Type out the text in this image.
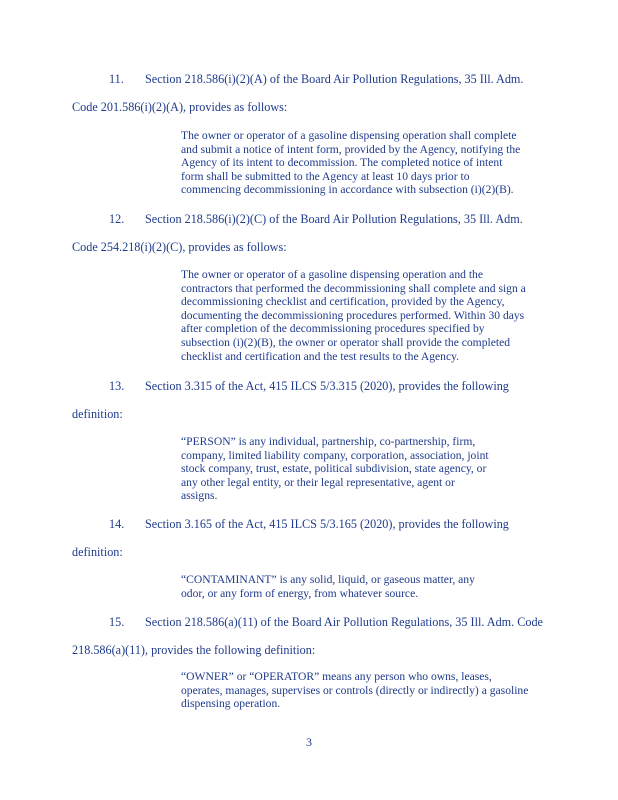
11. Section 218.586(i)(2)(A) of the Board Air Pollution Regulations, 35 Ill. Adm.
Code 201.586(i)(2)(A), provides as follows:
The owner or operator of a gasoline dispensing operation shall complete
and submit a notice of intent form, provided by the Agency, notifying the
Agency of its intent to decommission. The completed notice of intent
form shall be submitted to the Agency at least 10 days prior to
commencing decommissioning in accordance with subsection (i)(2)(B).
12. Section 218.586(i)(2)(C) of the Board Air Pollution Regulations, 35 Ill. Adm.
Code 254.218(i)(2)(C), provides as follows:
The owner or operator of a gasoline dispensing operation and the
contractors that performed the decommissioning shall complete and sign a
decommissioning checklist and certification, provided by the Agency,
documenting the decommissioning procedures performed. Within 30 days
after completion of the decommissioning procedures specified by
subsection (i)(2)(B), the owner or operator shall provide the completed
checklist and certification and the test results to the Agency.
13. Section 3.315 of the Act, 415 ILCS 5/3.315 (2020), provides the following
definition:
“PERSON” is any individual, partnership, co-partnership, firm,
company, limited liability company, corporation, association, joint
stock company, trust, estate, political subdivision, state agency, or
any other legal entity, or their legal representative, agent or
assigns.
14. Section 3.165 of the Act, 415 ILCS 5/3.165 (2020), provides the following
definition:
“CONTAMINANT” is any solid, liquid, or gaseous matter, any
odor, or any form of energy, from whatever source.
15. Section 218.586(a)(11) of the Board Air Pollution Regulations, 35 Ill. Adm. Code
218.586(a)(11), provides the following definition:
“OWNER” or “OPERATOR” means any person who owns, leases,
operates, manages, supervises or controls (directly or indirectly) a gasoline
dispensing operation.
3
